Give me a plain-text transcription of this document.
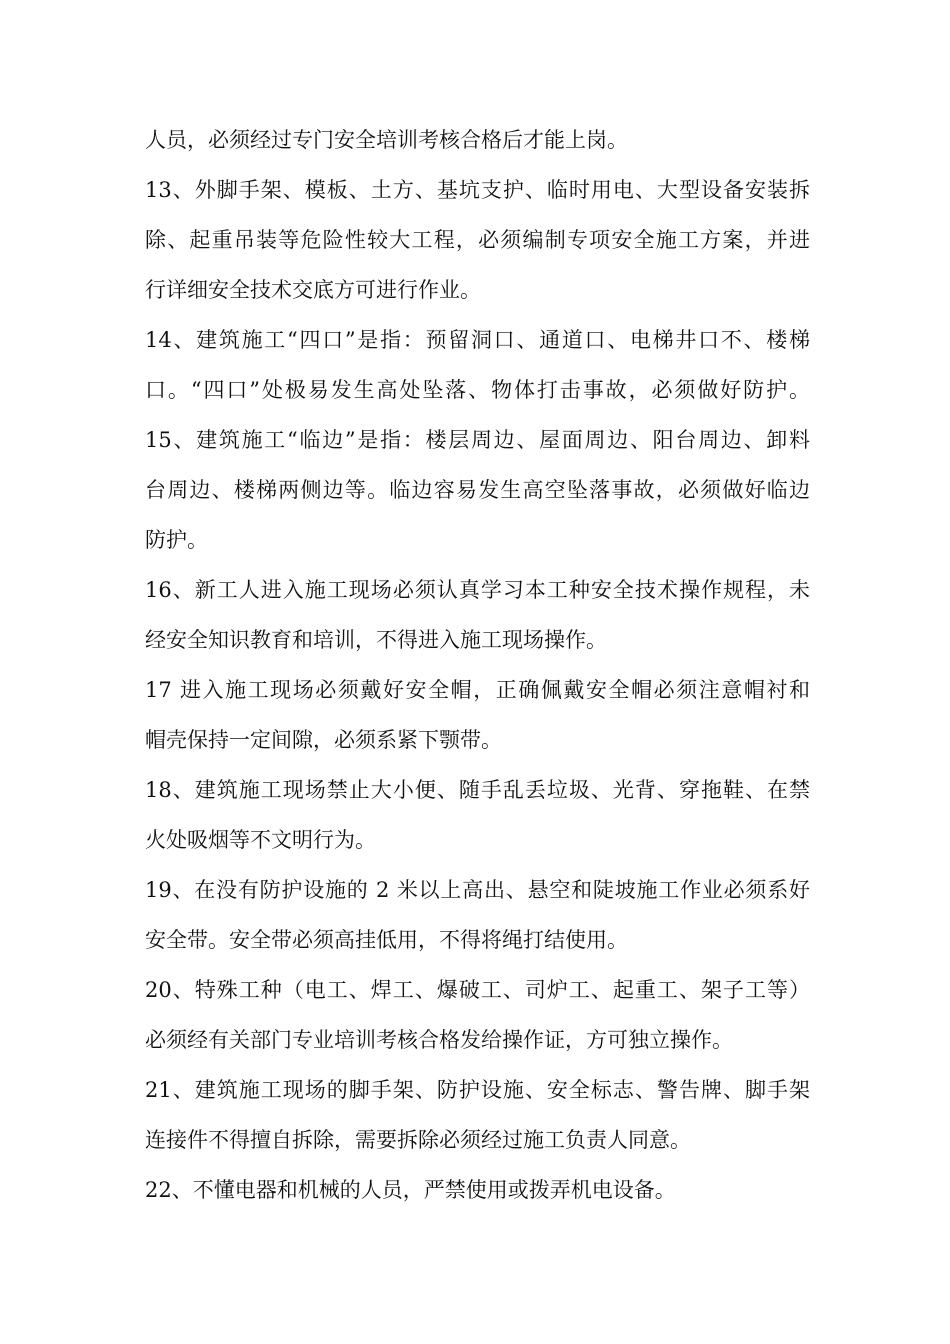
人员，必须经过专门安全培训考核合格后才能上岗。
13、外脚手架、模板、土方、基坑支护、临时用电、大型设备安装拆
除、起重吊装等危险性较大工程，必须编制专项安全施工方案，并进
行详细安全技术交底方可进行作业。
14、建筑施工“四口”是指：预留洞口、通道口、电梯井口不、楼梯
口。“四口”处极易发生高处坠落、物体打击事故，必须做好防护。
15、建筑施工“临边”是指：楼层周边、屋面周边、阳台周边、卸料
台周边、楼梯两侧边等。临边容易发生高空坠落事故，必须做好临边
防护。
16、新工人进入施工现场必须认真学习本工种安全技术操作规程，未
经安全知识教育和培训，不得进入施工现场操作。
17 进入施工现场必须戴好安全帽，正确佩戴安全帽必须注意帽衬和
帽壳保持一定间隙，必须系紧下颚带。
18、建筑施工现场禁止大小便、随手乱丢垃圾、光背、穿拖鞋、在禁
火处吸烟等不文明行为。
19、在没有防护设施的 2 米以上高出、悬空和陡坡施工作业必须系好
安全带。安全带必须高挂低用，不得将绳打结使用。
20、特殊工种（电工、焊工、爆破工、司炉工、起重工、架子工等）
必须经有关部门专业培训考核合格发给操作证，方可独立操作。
21、建筑施工现场的脚手架、防护设施、安全标志、警告牌、脚手架
连接件不得擅自拆除，需要拆除必须经过施工负责人同意。
22、不懂电器和机械的人员，严禁使用或拨弄机电设备。
